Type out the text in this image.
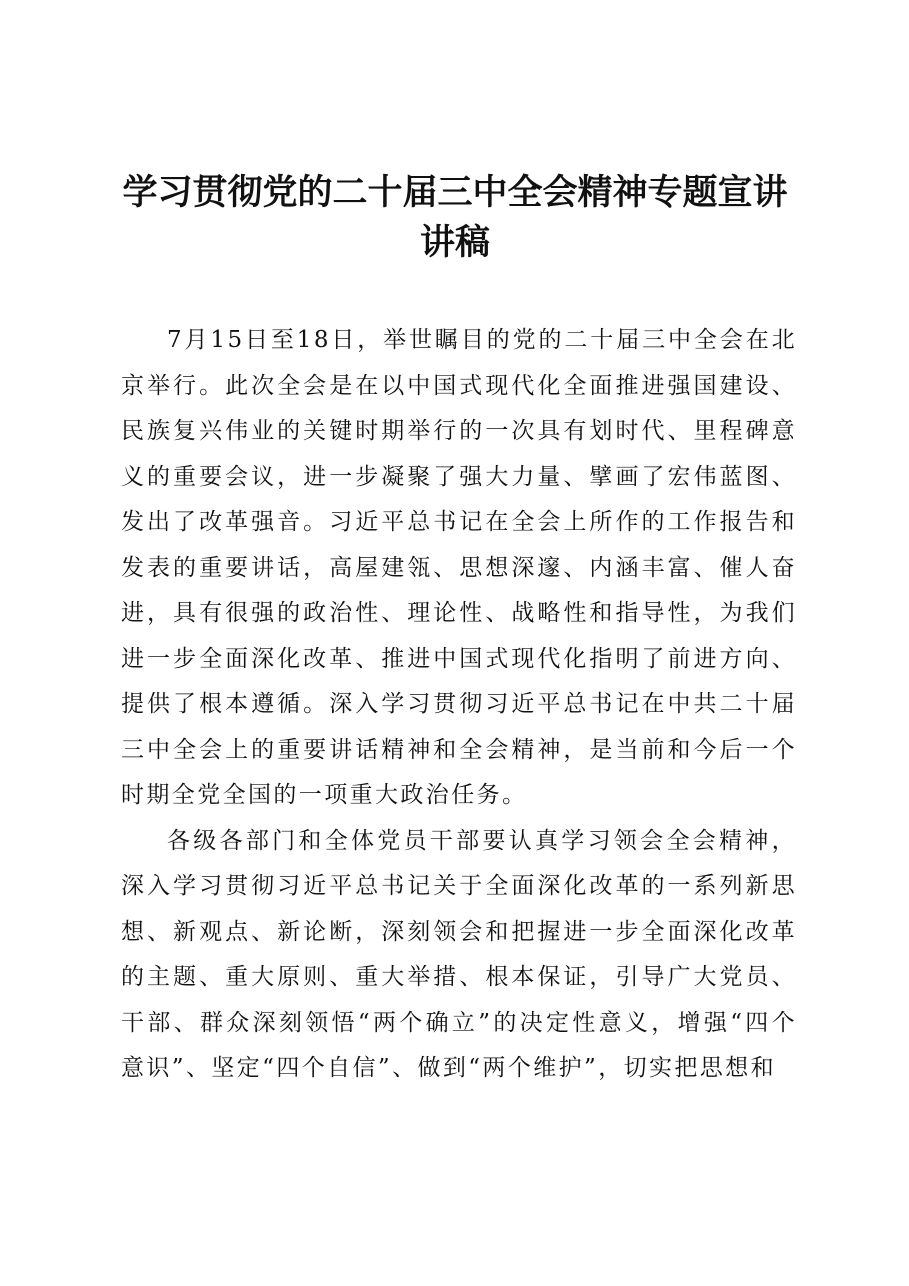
学习贯彻党的二十届三中全会精神专题宣讲
讲稿

7月15日至18日，举世瞩目的党的二十届三中全会在北京举行。此次全会是在以中国式现代化全面推进强国建设、民族复兴伟业的关键时期举行的一次具有划时代、里程碑意义的重要会议，进一步凝聚了强大力量、擘画了宏伟蓝图、发出了改革强音。习近平总书记在全会上所作的工作报告和发表的重要讲话，高屋建瓴、思想深邃、内涵丰富、催人奋进，具有很强的政治性、理论性、战略性和指导性，为我们进一步全面深化改革、推进中国式现代化指明了前进方向、提供了根本遵循。深入学习贯彻习近平总书记在中共二十届三中全会上的重要讲话精神和全会精神，是当前和今后一个时期全党全国的一项重大政治任务。

各级各部门和全体党员干部要认真学习领会全会精神，深入学习贯彻习近平总书记关于全面深化改革的一系列新思想、新观点、新论断，深刻领会和把握进一步全面深化改革的主题、重大原则、重大举措、根本保证，引导广大党员、干部、群众深刻领悟“两个确立”的决定性意义，增强“四个意识”、坚定“四个自信”、做到“两个维护”，切实把思想和
